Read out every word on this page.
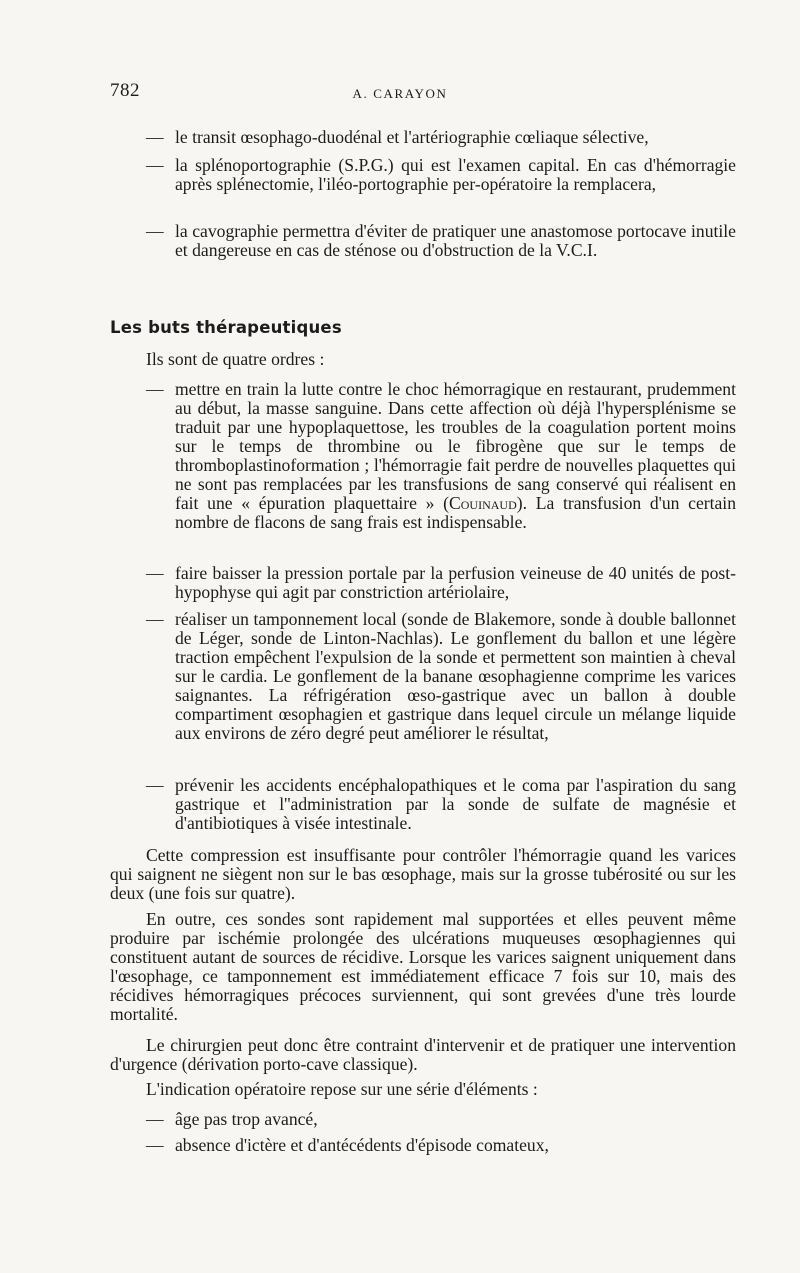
782	A. CARAYON
— le transit œsophago-duodénal et l'artériographie cœliaque sélective,
— la splénoportographie (S.P.G.) qui est l'examen capital. En cas d'hémorragie après splénectomie, l'iléo-portographie per-opératoire la remplacera,
— la cavographie permettra d'éviter de pratiquer une anastomose portocave inutile et dangereuse en cas de sténose ou d'obstruction de la V.C.I.
Les buts thérapeutiques
Ils sont de quatre ordres :
— mettre en train la lutte contre le choc hémorragique en restaurant, prudemment au début, la masse sanguine. Dans cette affection où déjà l'hypersplénisme se traduit par une hypoplaquettose, les troubles de la coagulation portent moins sur le temps de thrombine ou le fibrogène que sur le temps de thromboplastinoformation ; l'hémorragie fait perdre de nouvelles plaquettes qui ne sont pas remplacées par les transfusions de sang conservé qui réalisent en fait une « épuration plaquettaire » (Couinaud). La transfusion d'un certain nombre de flacons de sang frais est indispensable.
— faire baisser la pression portale par la perfusion veineuse de 40 unités de post-hypophyse qui agit par constriction artériolaire,
— réaliser un tamponnement local (sonde de Blakemore, sonde à double ballonnet de Léger, sonde de Linton-Nachlas). Le gonflement du ballon et une légère traction empêchent l'expulsion de la sonde et permettent son maintien à cheval sur le cardia. Le gonflement de la banane œsophagienne comprime les varices saignantes. La réfrigération œso-gastrique avec un ballon à double compartiment œsophagien et gastrique dans lequel circule un mélange liquide aux environs de zéro degré peut améliorer le résultat,
— prévenir les accidents encéphalopathiques et le coma par l'aspiration du sang gastrique et l''administration par la sonde de sulfate de magnésie et d'antibiotiques à visée intestinale.
Cette compression est insuffisante pour contrôler l'hémorragie quand les varices qui saignent ne siègent non sur le bas œsophage, mais sur la grosse tubérosité ou sur les deux (une fois sur quatre).
En outre, ces sondes sont rapidement mal supportées et elles peuvent même produire par ischémie prolongée des ulcérations muqueuses œsophagiennes qui constituent autant de sources de récidive. Lorsque les varices saignent uniquement dans l'œsophage, ce tamponnement est immédiatement efficace 7 fois sur 10, mais des récidives hémorragiques précoces surviennent, qui sont grevées d'une très lourde mortalité.
Le chirurgien peut donc être contraint d'intervenir et de pratiquer une intervention d'urgence (dérivation porto-cave classique).
L'indication opératoire repose sur une série d'éléments :
— âge pas trop avancé,
— absence d'ictère et d'antécédents d'épisode comateux,
